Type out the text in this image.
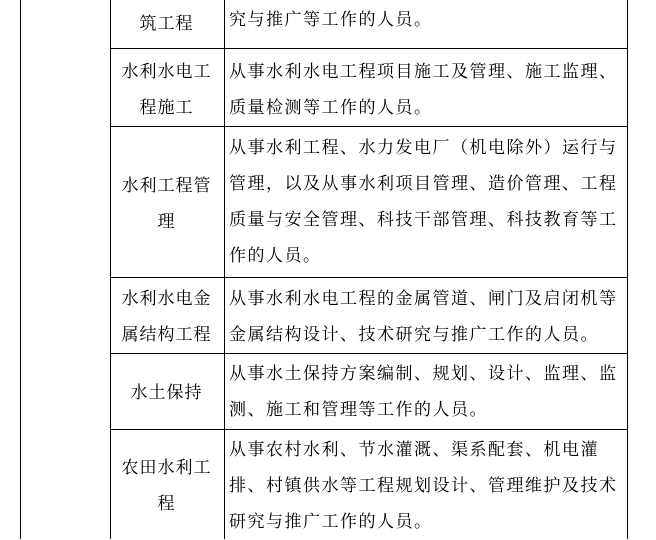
筑工程	究与推广等工作的人员。
水利水电工程施工
从事水利水电工程项目施工及管理、施工监理、质量检测等工作的人员。
水利工程管理
从事水利工程、水力发电厂（机电除外）运行与管理，以及从事水利项目管理、造价管理、工程质量与安全管理、科技干部管理、科技教育等工作的人员。
水利水电金属结构工程
从事水利水电工程的金属管道、闸门及启闭机等金属结构设计、技术研究与推广工作的人员。
水土保持
从事水土保持方案编制、规划、设计、监理、监测、施工和管理等工作的人员。
农田水利工程
从事农村水利、节水灌溉、渠系配套、机电灌排、村镇供水等工程规划设计、管理维护及技术研究与推广工作的人员。
